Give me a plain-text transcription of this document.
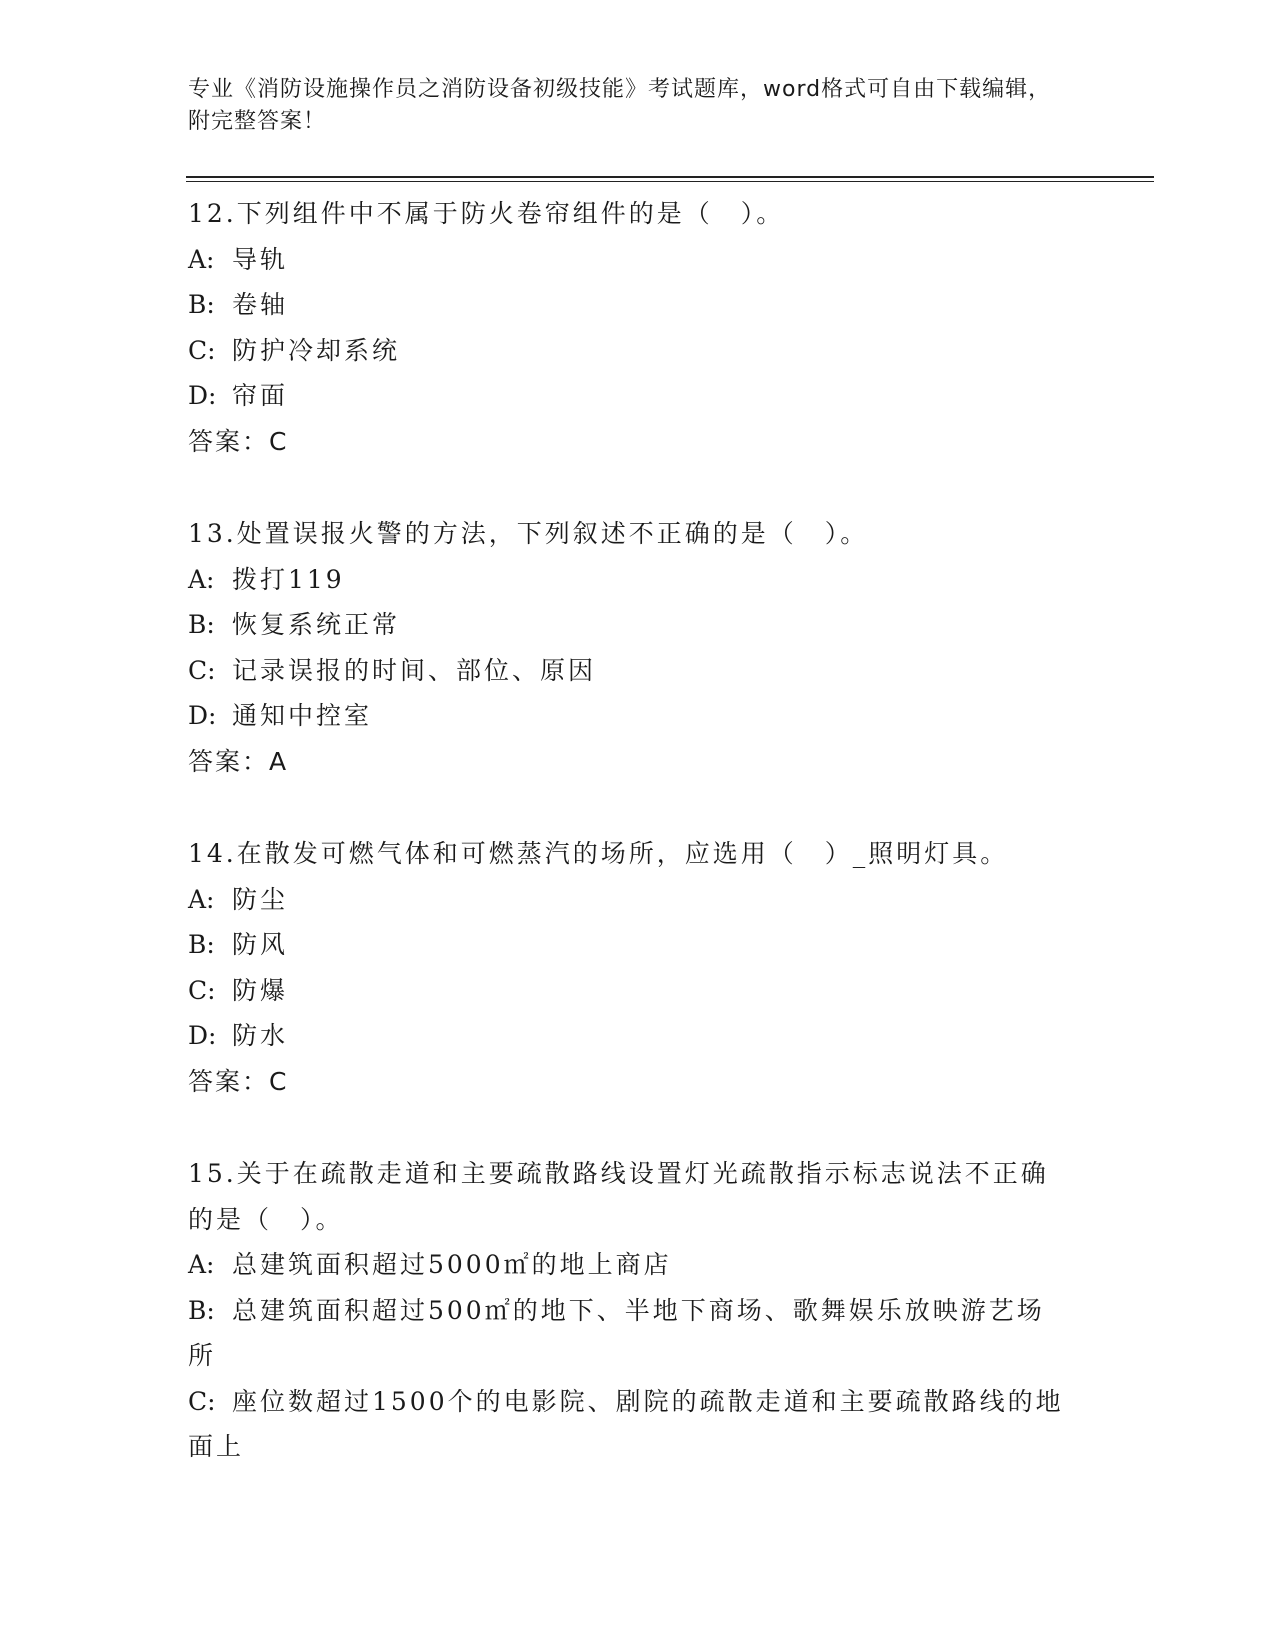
专业《消防设施操作员之消防设备初级技能》考试题库，word格式可自由下载编辑，附完整答案！
12.下列组件中不属于防火卷帘组件的是（　）。
A: 导轨
B: 卷轴
C: 防护冷却系统
D: 帘面
答案：C
13.处置误报火警的方法，下列叙述不正确的是（　）。
A: 拨打119
B: 恢复系统正常
C: 记录误报的时间、部位、原因
D: 通知中控室
答案：A
14.在散发可燃气体和可燃蒸汽的场所，应选用（　）_照明灯具。
A: 防尘
B: 防风
C: 防爆
D: 防水
答案：C
15.关于在疏散走道和主要疏散路线设置灯光疏散指示标志说法不正确的是（　）。
A: 总建筑面积超过5000㎡的地上商店
B: 总建筑面积超过500㎡的地下、半地下商场、歌舞娱乐放映游艺场所
C: 座位数超过1500个的电影院、剧院的疏散走道和主要疏散路线的地面上
